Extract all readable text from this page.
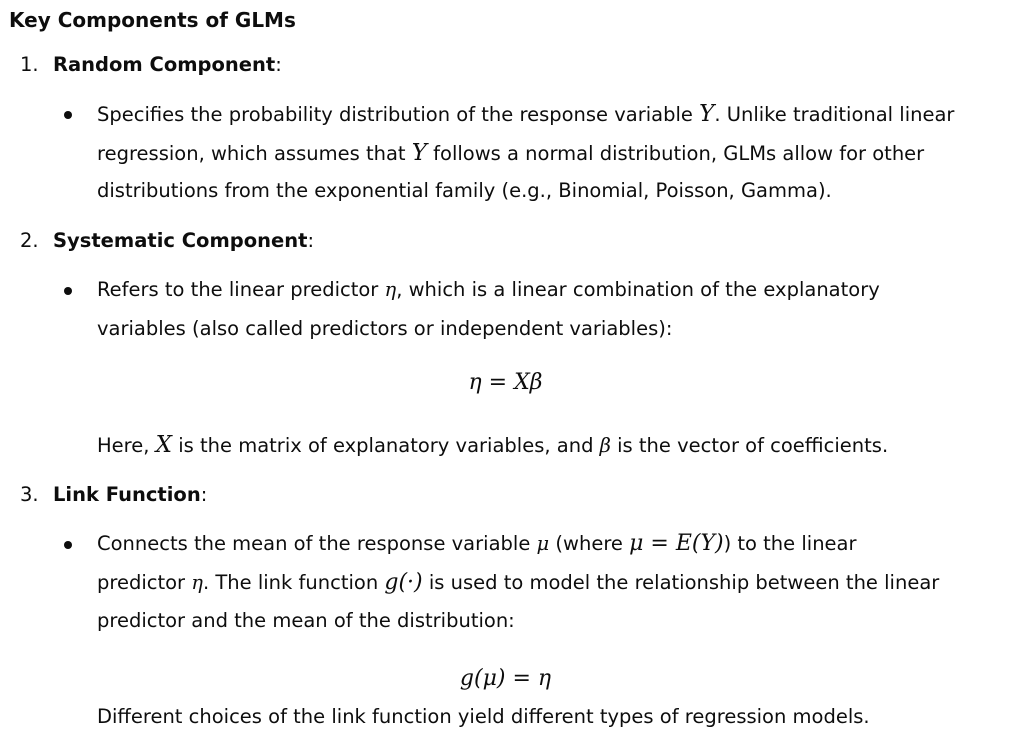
Key Components of GLMs
1. Random Component:
Specifies the probability distribution of the response variable Y. Unlike traditional linear
regression, which assumes that Y follows a normal distribution, GLMs allow for other
distributions from the exponential family (e.g., Binomial, Poisson, Gamma).
2. Systematic Component:
Refers to the linear predictor η, which is a linear combination of the explanatory
variables (also called predictors or independent variables):
η = Xβ
Here, X is the matrix of explanatory variables, and β is the vector of coefficients.
3. Link Function:
Connects the mean of the response variable μ (where μ = E(Y)) to the linear
predictor η. The link function g(·) is used to model the relationship between the linear
predictor and the mean of the distribution:
g(μ) = η
Different choices of the link function yield different types of regression models.
